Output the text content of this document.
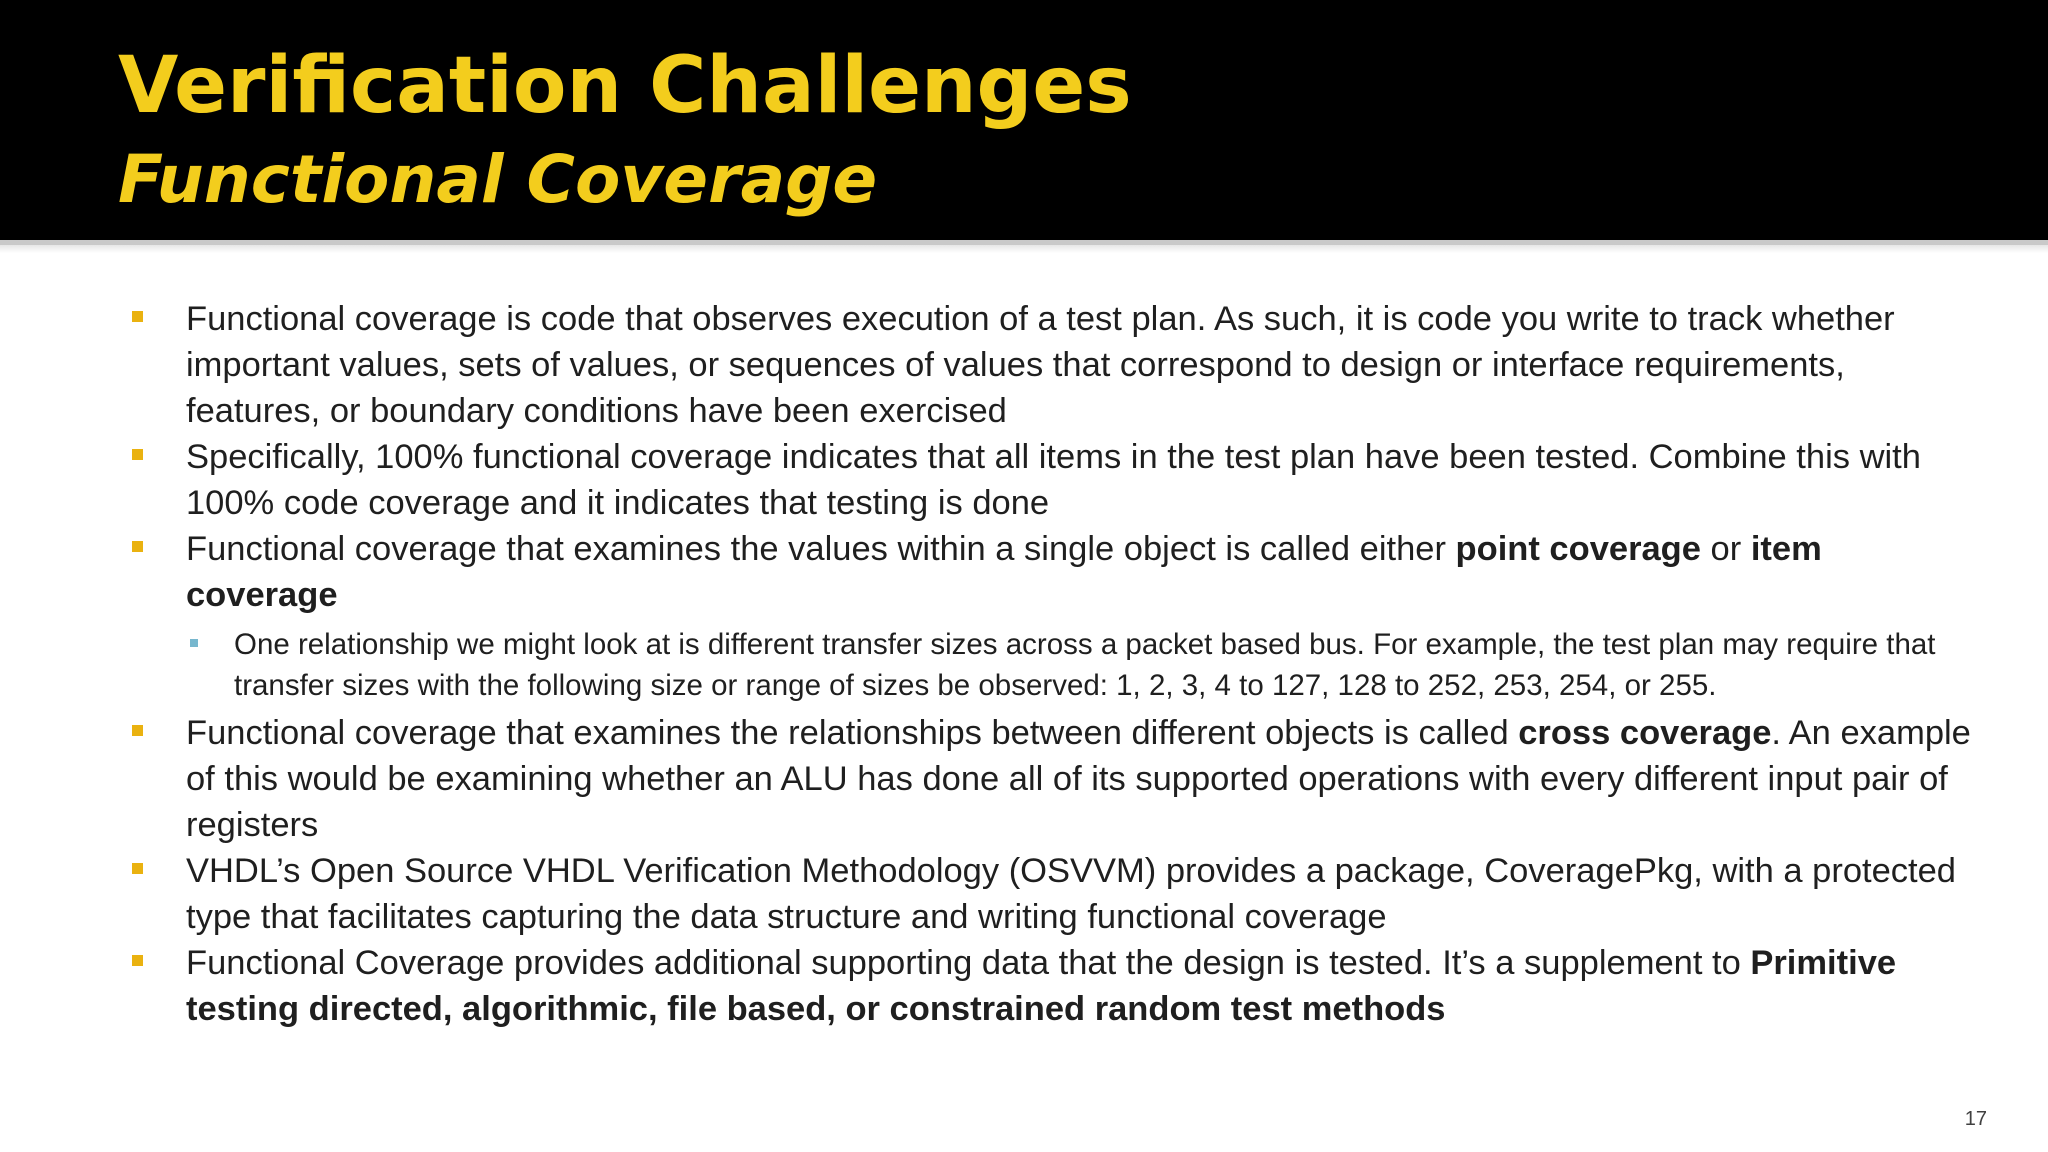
Verification Challenges
Functional Coverage

Functional coverage is code that observes execution of a test plan. As such, it is code you write to track whether important values, sets of values, or sequences of values that correspond to design or interface requirements, features, or boundary conditions have been exercised

Specifically, 100% functional coverage indicates that all items in the test plan have been tested. Combine this with 100% code coverage and it indicates that testing is done

Functional coverage that examines the values within a single object is called either point coverage or item coverage

One relationship we might look at is different transfer sizes across a packet based bus. For example, the test plan may require that transfer sizes with the following size or range of sizes be observed: 1, 2, 3, 4 to 127, 128 to 252, 253, 254, or 255.

Functional coverage that examines the relationships between different objects is called cross coverage. An example of this would be examining whether an ALU has done all of its supported operations with every different input pair of registers

VHDL’s Open Source VHDL Verification Methodology (OSVVM) provides a package, CoveragePkg, with a protected type that facilitates capturing the data structure and writing functional coverage

Functional Coverage provides additional supporting data that the design is tested. It’s a supplement to Primitive testing directed, algorithmic, file based, or constrained random test methods

17
